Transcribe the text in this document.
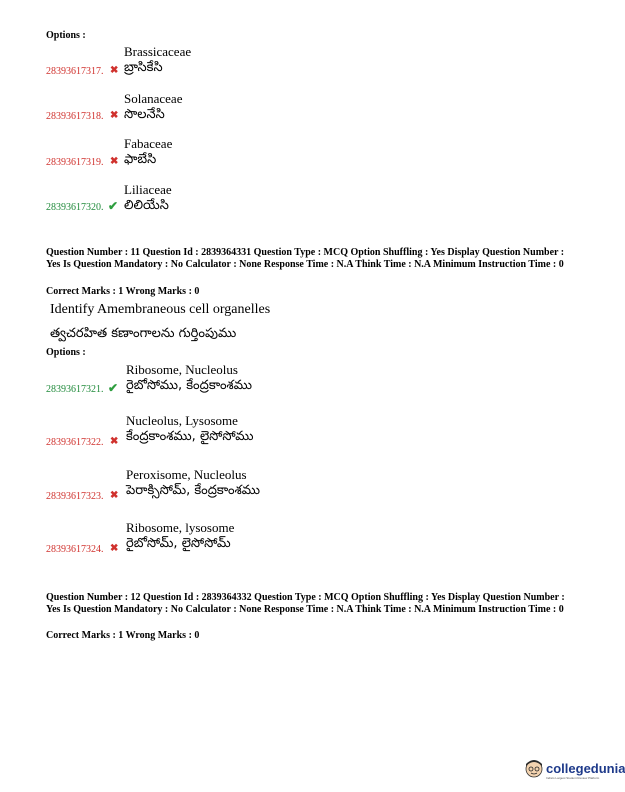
Options :
Brassicaceae
బ్రాసికేసి
28393617317. ✖
Solanaceae
సొలనేసి
28393617318. ✖
Fabaceae
ఫాబేసి
28393617319. ✖
Liliaceae
లిలియేసి
28393617320. ✔
Question Number : 11 Question Id : 2839364331 Question Type : MCQ Option Shuffling : Yes Display Question Number : Yes Is Question Mandatory : No Calculator : None Response Time : N.A Think Time : N.A Minimum Instruction Time : 0
Correct Marks : 1 Wrong Marks : 0
Identify Amembraneous cell organelles
త్వచరహిత కణాంగాలను గుర్తింపుము
Options :
Ribosome, Nucleolus
రైబోసోము, కేంద్రకాంశము
28393617321. ✔
Nucleolus, Lysosome
కేంద్రకాంశము, లైసోసోము
28393617322. ✖
Peroxisome, Nucleolus
పెరాక్సిసోమ్, కేంద్రకాంశము
28393617323. ✖
Ribosome, lysosome
రైబోసోమ్, లైసోసోమ్
28393617324. ✖
Question Number : 12 Question Id : 2839364332 Question Type : MCQ Option Shuffling : Yes Display Question Number : Yes Is Question Mandatory : No Calculator : None Response Time : N.A Think Time : N.A Minimum Instruction Time : 0
Correct Marks : 1 Wrong Marks : 0
collegedunia
India's Largest Student Review Platform
